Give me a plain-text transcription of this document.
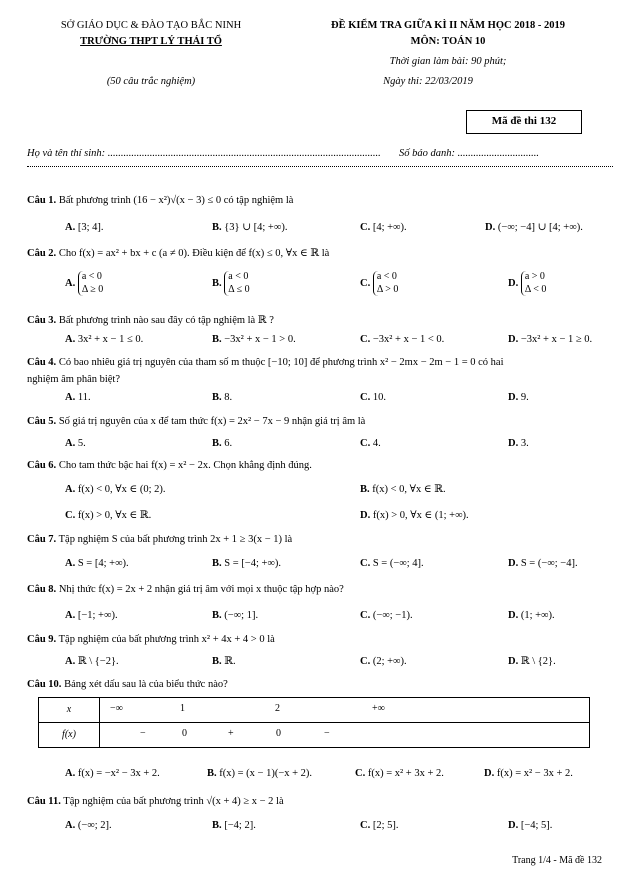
SỞ GIÁO DỤC & ĐÀO TẠO BẮC NINH
TRƯỜNG THPT LÝ THÁI TỔ
(50 câu trắc nghiệm)
ĐỀ KIỂM TRA GIỮA KÌ II NĂM HỌC 2018 - 2019
MÔN: TOÁN 10
Thời gian làm bài: 90 phút;
Ngày thi: 22/03/2019
Mã đề thi 132
Họ và tên thí sinh: ........................................................................................................ Số báo danh: ...............................
Câu 1. Bất phương trình (16 − x²)√(x − 3) ≤ 0 có tập nghiệm là
A. [3; 4].	B. {3} ∪ [4; +∞).	C. [4; +∞).	D. (−∞; −4] ∪ [4; +∞).
Câu 2. Cho f(x) = ax² + bx + c (a ≠ 0). Điều kiện để f(x) ≤ 0, ∀x ∈ ℝ là
A. a < 0
Δ ≥ 0
B. a < 0
Δ ≤ 0
C. a < 0
Δ > 0
D. a > 0
Δ < 0
Câu 3. Bất phương trình nào sau đây có tập nghiệm là ℝ ?
A. 3x² + x − 1 ≤ 0.	B. −3x² + x − 1 > 0.	C. −3x² + x − 1 < 0.	D. −3x² + x − 1 ≥ 0.
Câu 4. Có bao nhiêu giá trị nguyên của tham số m thuộc [−10; 10] để phương trình x² − 2mx − 2m − 1 = 0 có hai
nghiệm âm phân biệt?
A. 11.	B. 8.	C. 10.	D. 9.
Câu 5. Số giá trị nguyên của x để tam thức f(x) = 2x² − 7x − 9 nhận giá trị âm là
A. 5.	B. 6.	C. 4.	D. 3.
Câu 6. Cho tam thức bậc hai f(x) = x² − 2x. Chọn khẳng định đúng.
A. f(x) < 0, ∀x ∈ (0; 2).	B. f(x) < 0, ∀x ∈ ℝ.
C. f(x) > 0, ∀x ∈ ℝ.	D. f(x) > 0, ∀x ∈ (1; +∞).
Câu 7. Tập nghiệm S của bất phương trình 2x + 1 ≥ 3(x − 1) là
A. S = [4; +∞).	B. S = [−4; +∞).	C. S = (−∞; 4].	D. S = (−∞; −4].
Câu 8. Nhị thức f(x) = 2x + 2 nhận giá trị âm với mọi x thuộc tập hợp nào?
A. [−1; +∞).	B. (−∞; 1].	C. (−∞; −1).	D. (1; +∞).
Câu 9. Tập nghiệm của bất phương trình x² + 4x + 4 > 0 là
A. ℝ \ {−2}.	B. ℝ.	C. (2; +∞).	D. ℝ \ {2}.
Câu 10. Bảng xét dấu sau là của biểu thức nào?
x	−∞ 1 2 +∞

f(x)	− 0 + 0 −
A. f(x) = −x² − 3x + 2.	B. f(x) = (x − 1)(−x + 2).	C. f(x) = x² + 3x + 2.	D. f(x) = x² − 3x + 2.
Câu 11. Tập nghiệm của bất phương trình √(x + 4) ≥ x − 2 là
A. (−∞; 2].	B. [−4; 2].	C. [2; 5].	D. [−4; 5].
Trang 1/4 - Mã đề 132
